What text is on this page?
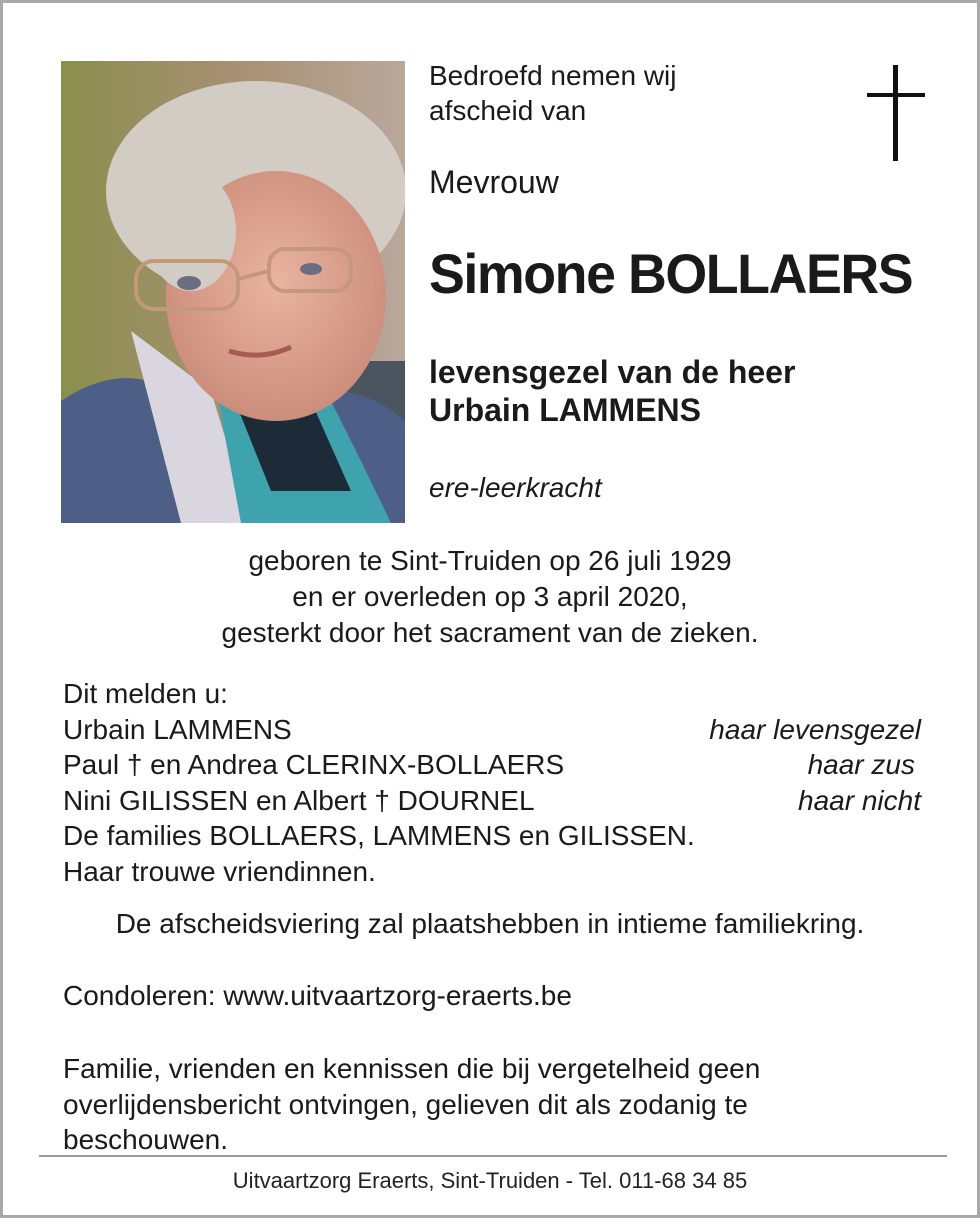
Bedroefd nemen wij
afscheid van
Mevrouw
Simone BOLLAERS
levensgezel van de heer
Urbain LAMMENS
ere-leerkracht
geboren te Sint-Truiden op 26 juli 1929
en er overleden op 3 april 2020,
gesterkt door het sacrament van de zieken.
Dit melden u:
Urbain LAMMENS	haar levensgezel
Paul † en Andrea CLERINX-BOLLAERS	haar zus
Nini GILISSEN en Albert † DOURNEL	haar nicht
De families BOLLAERS, LAMMENS en GILISSEN.
Haar trouwe vriendinnen.
De afscheidsviering zal plaatshebben in intieme familiekring.
Condoleren: www.uitvaartzorg-eraerts.be
Familie, vrienden en kennissen die bij vergetelheid geen
overlijdensbericht ontvingen, gelieven dit als zodanig te
beschouwen.
Uitvaartzorg Eraerts, Sint-Truiden - Tel. 011-68 34 85
